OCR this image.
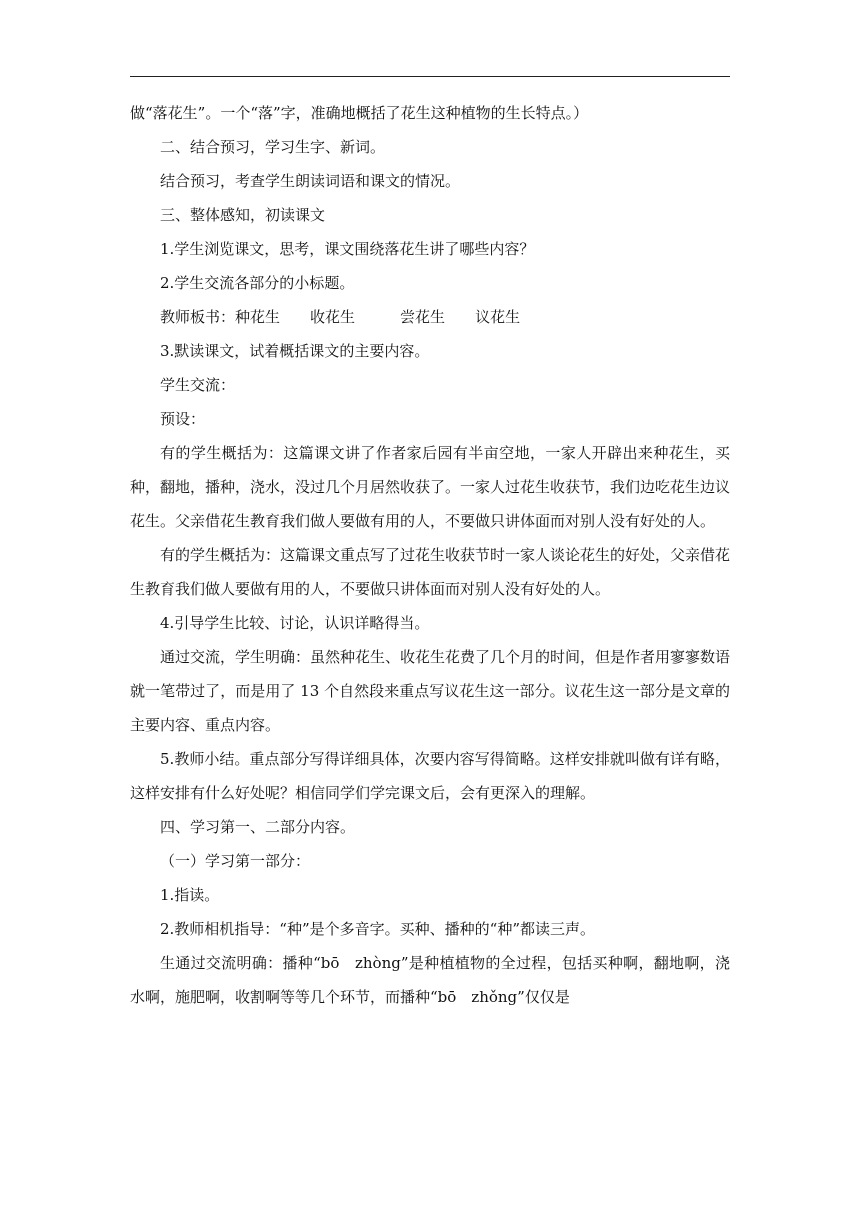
做“落花生”。一个“落”字，准确地概括了花生这种植物的生长特点。）

二、结合预习，学习生字、新词。

结合预习，考查学生朗读词语和课文的情况。

三、整体感知，初读课文

1.学生浏览课文，思考，课文围绕落花生讲了哪些内容？

2.学生交流各部分的小标题。

教师板书：种花生 收花生	尝花生 议花生

3.默读课文，试着概括课文的主要内容。

学生交流：

预设：

有的学生概括为：这篇课文讲了作者家后园有半亩空地，一家人开辟出来种花生，买种，翻地，播种，浇水，没过几个月居然收获了。一家人过花生收获节，我们边吃花生边议花生。父亲借花生教育我们做人要做有用的人，不要做只讲体面而对别人没有好处的人。

有的学生概括为：这篇课文重点写了过花生收获节时一家人谈论花生的好处，父亲借花生教育我们做人要做有用的人，不要做只讲体面而对别人没有好处的人。

4.引导学生比较、讨论，认识详略得当。

通过交流，学生明确：虽然种花生、收花生花费了几个月的时间，但是作者用寥寥数语就一笔带过了，而是用了 13 个自然段来重点写议花生这一部分。议花生这一部分是文章的主要内容、重点内容。

5.教师小结。重点部分写得详细具体，次要内容写得简略。这样安排就叫做有详有略，这样安排有什么好处呢？相信同学们学完课文后，会有更深入的理解。

四、学习第一、二部分内容。

（一）学习第一部分：

1.指读。

2.教师相机指导：“种”是个多音字。买种、播种的“种”都读三声。

生通过交流明确：播种“bō　zhòng”是种植植物的全过程，包括买种啊，翻地啊，浇水啊，施肥啊，收割啊等等几个环节，而播种“bō　zhǒng”仅仅是
